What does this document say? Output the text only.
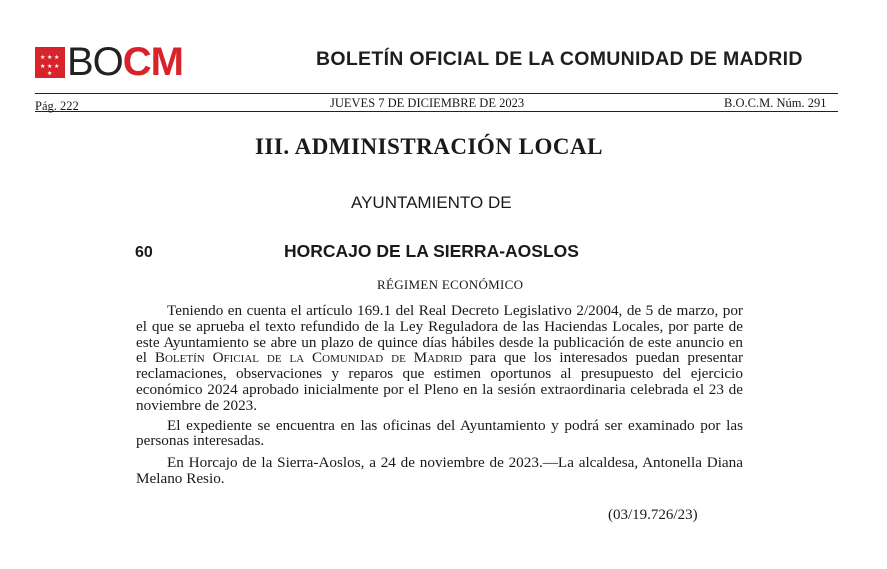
★ ★ ★
★ ★ ★
★ BOCM	BOLETÍN OFICIAL DE LA COMUNIDAD DE MADRID
Pág. 222	JUEVES 7 DE DICIEMBRE DE 2023	B.O.C.M. Núm. 291
III. ADMINISTRACIÓN LOCAL
AYUNTAMIENTO DE
60	HORCAJO DE LA SIERRA-AOSLOS
RÉGIMEN ECONÓMICO

Teniendo en cuenta el artículo 169.1 del Real Decreto Legislativo 2/2004, de 5 de marzo, por el que se aprueba el texto refundido de la Ley Reguladora de las Haciendas Locales, por parte de este Ayuntamiento se abre un plazo de quince días hábiles desde la publicación de este anuncio en el Boletín Oficial de la Comunidad de Madrid para que los interesados puedan presentar reclamaciones, observaciones y reparos que estimen oportunos al presupuesto del ejercicio económico 2024 aprobado inicialmente por el Pleno en la sesión extraordinaria celebrada el 23 de noviembre de 2023.

El expediente se encuentra en las oficinas del Ayuntamiento y podrá ser examinado por las personas interesadas.

En Horcajo de la Sierra-Aoslos, a 24 de noviembre de 2023.—La alcaldesa, Antonella Diana Melano Resio.

(03/19.726/23)
